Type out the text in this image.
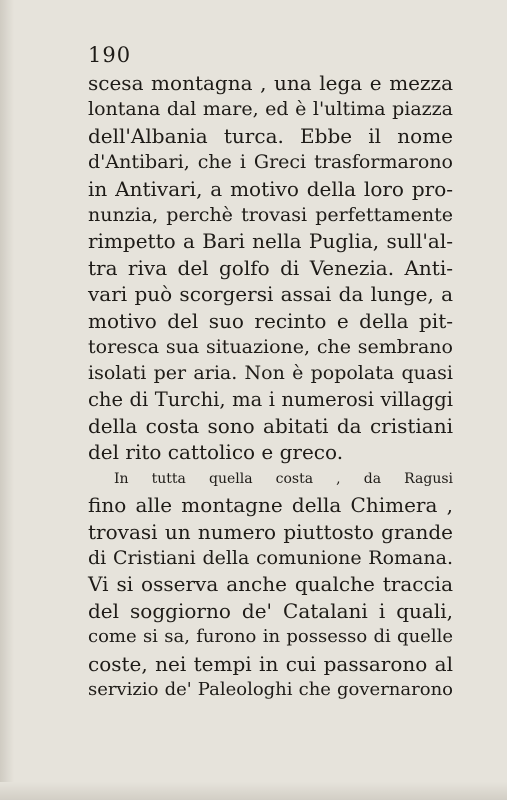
190
scesa montagna , una lega e mezza
lontana dal mare, ed è l'ultima piazza
dell'Albania turca. Ebbe il nome
d'Antibari, che i Greci trasformarono
in Antivari, a motivo della loro pro-
nunzia, perchè trovasi perfettamente
rimpetto a Bari nella Puglia, sull'al-
tra riva del golfo di Venezia. Anti-
vari può scorgersi assai da lunge, a
motivo del suo recinto e della pit-
toresca sua situazione, che sembrano
isolati per aria. Non è popolata quasi
che di Turchi, ma i numerosi villaggi
della costa sono abitati da cristiani
del rito cattolico e greco.
In tutta quella costa , da Ragusi
fino alle montagne della Chimera ,
trovasi un numero piuttosto grande
di Cristiani della comunione Romana.
Vi si osserva anche qualche traccia
del soggiorno de' Catalani i quali,
come si sa, furono in possesso di quelle
coste, nei tempi in cui passarono al
servizio de' Paleologhi che governarono
